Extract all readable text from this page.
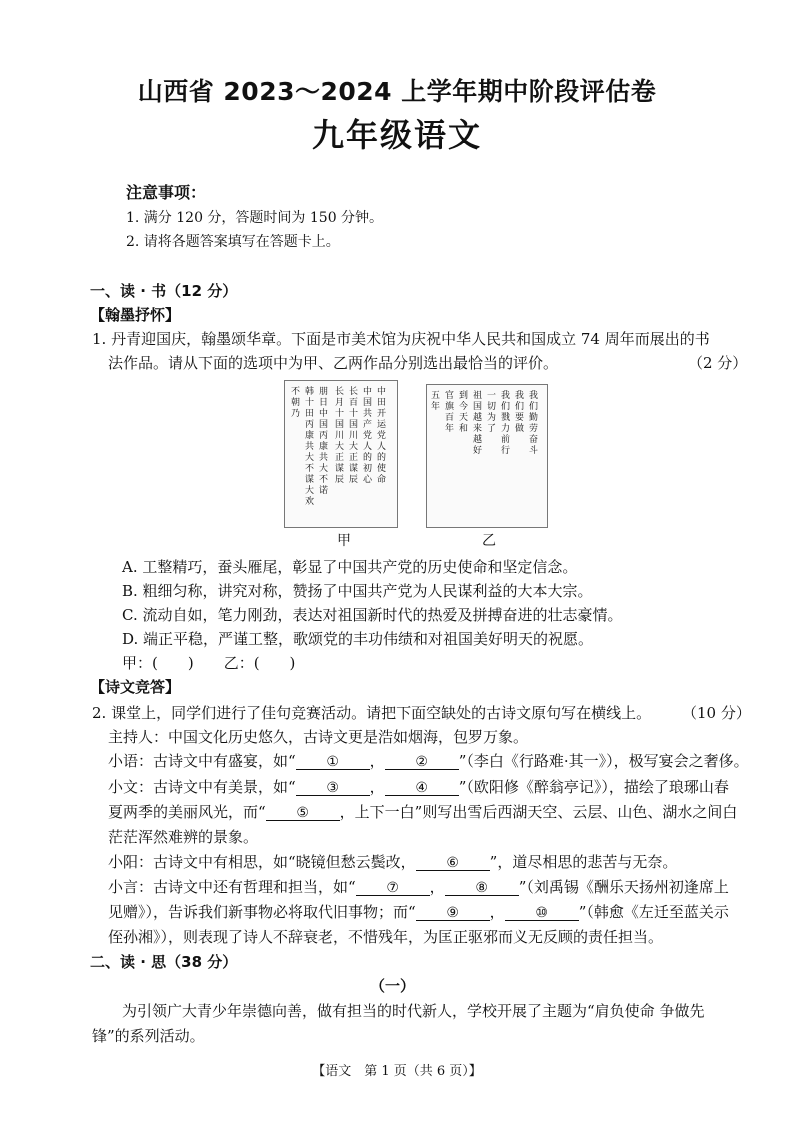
山西省 2023～2024 上学年期中阶段评估卷
九年级语文
注意事项：
1. 满分 120 分，答题时间为 150 分钟。
2. 请将各题答案填写在答题卡上。
一、读 · 书（12 分）
【翰墨抒怀】
1. 丹青迎国庆，翰墨颂华章。下面是市美术馆为庆祝中华人民共和国成立 74 周年而展出的书
法作品。请从下面的选项中为甲、乙两作品分别选出最恰当的评价。	（2 分）
不朝乃
韩十田丙康共大不谋大欢
朋日中国丙康共大不诺
长月十国川大正谋辰
长百十国川大正谋辰
中国共产党人的初心
中田开运党人的使命
五年
官旗百年
到今天和
祖国越来越好
一切为了
我们戮力前行
我们要做
我们勤劳奋斗
甲	乙
A. 工整精巧，蚕头雁尾，彰显了中国共产党的历史使命和坚定信念。
B. 粗细匀称，讲究对称，赞扬了中国共产党为人民谋利益的大本大宗。
C. 流动自如，笔力刚劲，表达对祖国新时代的热爱及拼搏奋进的壮志豪情。
D. 端正平稳，严谨工整，歌颂党的丰功伟绩和对祖国美好明天的祝愿。
甲：(　　)　　乙：(　　)
【诗文竞答】
2. 课堂上，同学们进行了佳句竞赛活动。请把下面空缺处的古诗文原句写在横线上。 （10 分）
主持人：中国文化历史悠久，古诗文更是浩如烟海，包罗万象。
小语：古诗文中有盛宴，如“ ① ， ② ”（李白《行路难·其一》），极写宴会之奢侈。
小文：古诗文中有美景，如“ ③ ， ④ ”（欧阳修《醉翁亭记》），描绘了琅琊山春
夏两季的美丽风光，而“ ⑤ ，上下一白”则写出雪后西湖天空、云层、山色、湖水之间白
茫茫浑然难辨的景象。
小阳：古诗文中有相思，如“晓镜但愁云鬓改， ⑥ ”，道尽相思的悲苦与无奈。
小言：古诗文中还有哲理和担当，如“ ⑦ ， ⑧ ”（刘禹锡《酬乐天扬州初逢席上
见赠》），告诉我们新事物必将取代旧事物；而“ ⑨ ， ⑩ ”（韩愈《左迁至蓝关示
侄孙湘》），则表现了诗人不辞衰老，不惜残年，为匡正驱邪而义无反顾的责任担当。
二、读 · 思（38 分）
（一）
为引领广大青少年崇德向善，做有担当的时代新人，学校开展了主题为“肩负使命 争做先
锋”的系列活动。
【语文　第 1 页（共 6 页）】
